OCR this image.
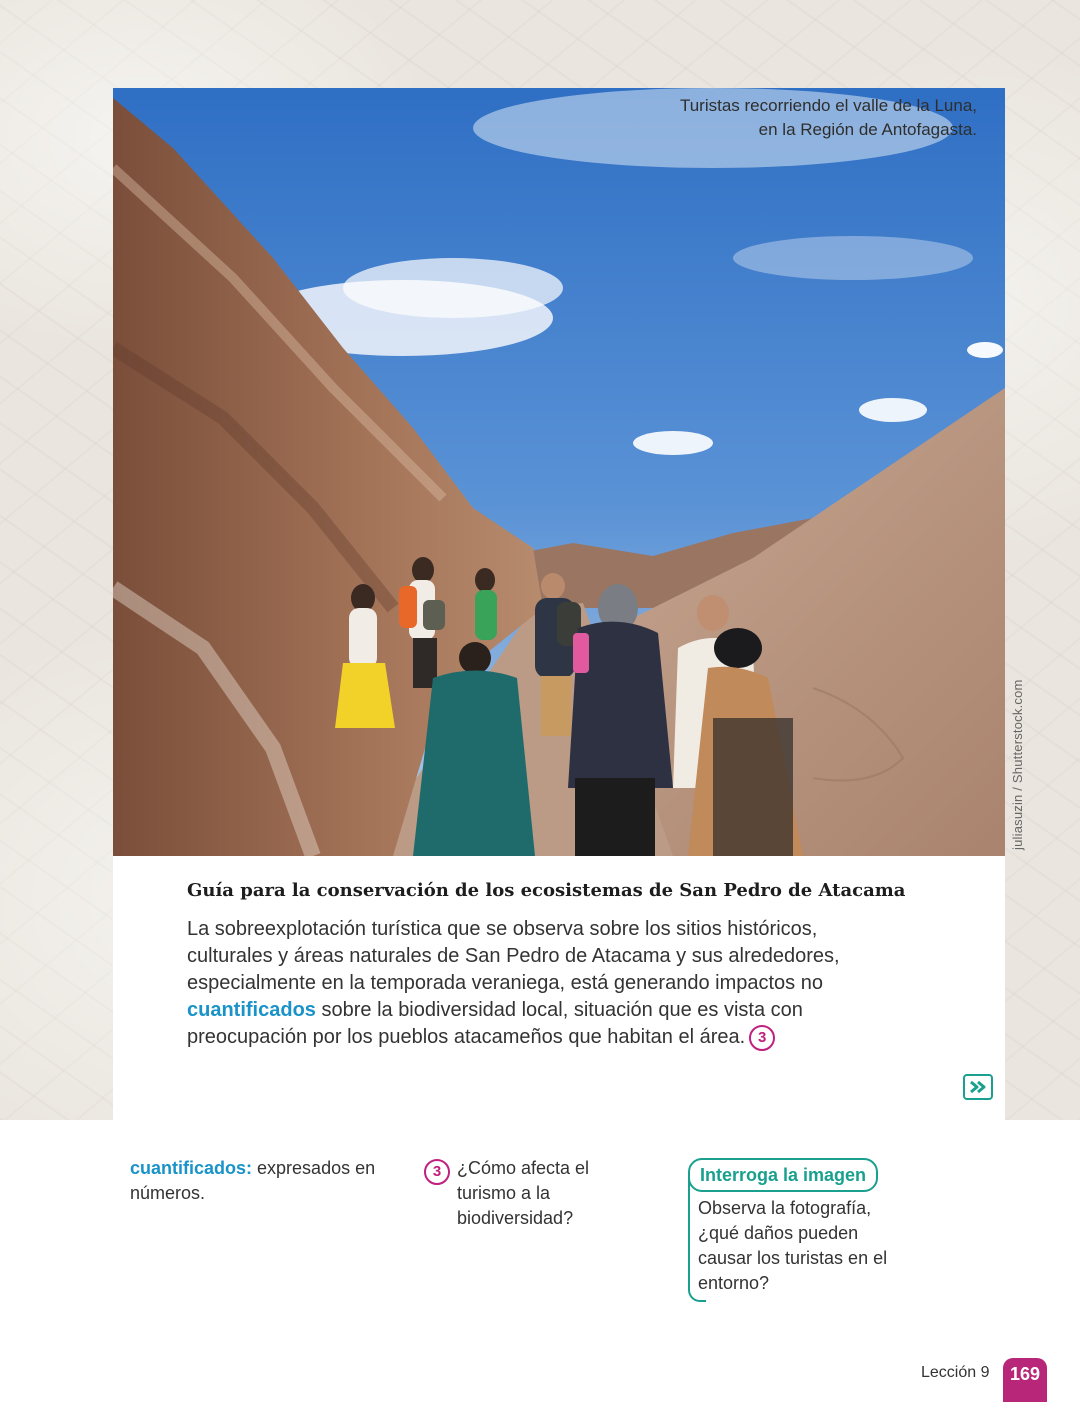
Turistas recorriendo el valle de la Luna,
en la Región de Antofagasta.
juliasuzin / Shutterstock.com
Guía para la conservación de los ecosistemas de San Pedro de Atacama

La sobreexplotación turística que se observa sobre los sitios históricos, culturales y áreas naturales de San Pedro de Atacama y sus alrededores, especialmente en la temporada veraniega, está generando impactos no cuantificados sobre la biodiversidad local, situación que es vista con preocupación por los pueblos atacameños que habitan el área. 3

cuantificados: expresados en números.
3 ¿Cómo afecta el turismo a la biodiversidad?
Interroga la imagen
Observa la fotografía, ¿qué daños pueden causar los turistas en el entorno?
Lección 9	169
